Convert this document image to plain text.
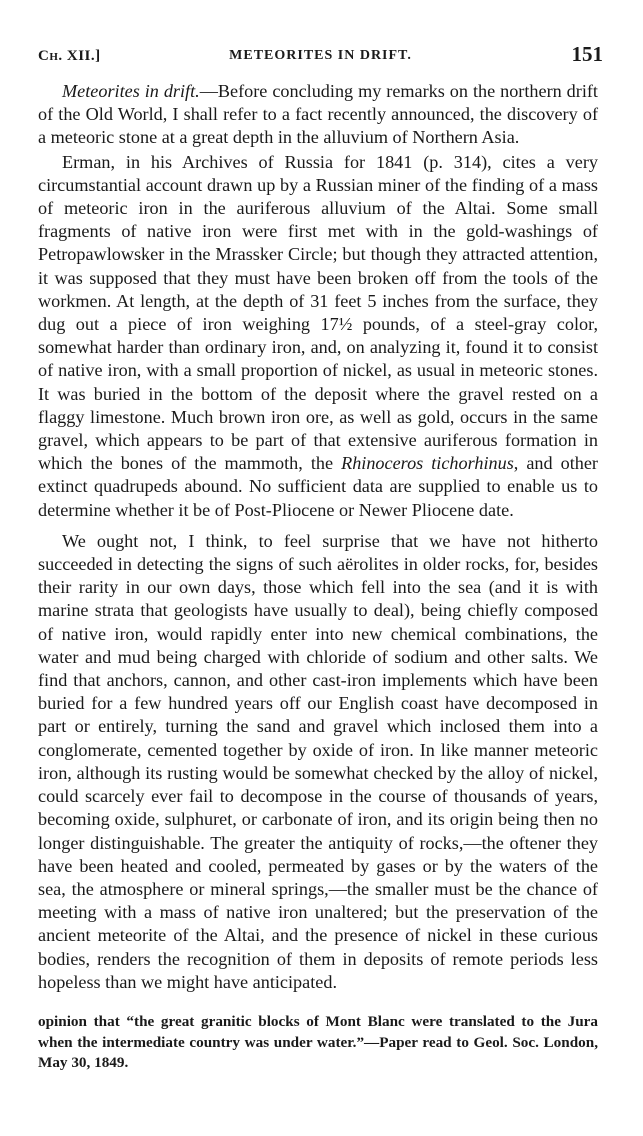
Ch. XII.]	METEORITES IN DRIFT.	151

Meteorites in drift.—Before concluding my remarks on the northern drift of the Old World, I shall refer to a fact recently announced, the discovery of a meteoric stone at a great depth in the alluvium of Northern Asia.

Erman, in his Archives of Russia for 1841 (p. 314), cites a very circumstantial account drawn up by a Russian miner of the finding of a mass of meteoric iron in the auriferous alluvium of the Altai. Some small fragments of native iron were first met with in the gold-washings of Petropawlowsker in the Mrassker Circle; but though they attracted attention, it was supposed that they must have been broken off from the tools of the workmen. At length, at the depth of 31 feet 5 inches from the surface, they dug out a piece of iron weighing 17½ pounds, of a steel-gray color, somewhat harder than ordinary iron, and, on analyzing it, found it to consist of native iron, with a small proportion of nickel, as usual in meteoric stones. It was buried in the bottom of the deposit where the gravel rested on a flaggy limestone. Much brown iron ore, as well as gold, occurs in the same gravel, which appears to be part of that extensive auriferous formation in which the bones of the mammoth, the Rhinoceros tichorhinus, and other extinct quadrupeds abound. No sufficient data are supplied to enable us to determine whether it be of Post-Pliocene or Newer Pliocene date.

We ought not, I think, to feel surprise that we have not hitherto succeeded in detecting the signs of such aërolites in older rocks, for, besides their rarity in our own days, those which fell into the sea (and it is with marine strata that geologists have usually to deal), being chiefly composed of native iron, would rapidly enter into new chemical combinations, the water and mud being charged with chloride of sodium and other salts. We find that anchors, cannon, and other cast-iron implements which have been buried for a few hundred years off our English coast have decomposed in part or entirely, turning the sand and gravel which inclosed them into a conglomerate, cemented together by oxide of iron. In like manner meteoric iron, although its rusting would be somewhat checked by the alloy of nickel, could scarcely ever fail to decompose in the course of thousands of years, becoming oxide, sulphuret, or carbonate of iron, and its origin being then no longer distinguishable. The greater the antiquity of rocks,—the oftener they have been heated and cooled, permeated by gases or by the waters of the sea, the atmosphere or mineral springs,—the smaller must be the chance of meeting with a mass of native iron unaltered; but the preservation of the ancient meteorite of the Altai, and the presence of nickel in these curious bodies, renders the recognition of them in deposits of remote periods less hopeless than we might have anticipated.

opinion that “the great granitic blocks of Mont Blanc were translated to the Jura when the intermediate country was under water.”—Paper read to Geol. Soc. London, May 30, 1849.
